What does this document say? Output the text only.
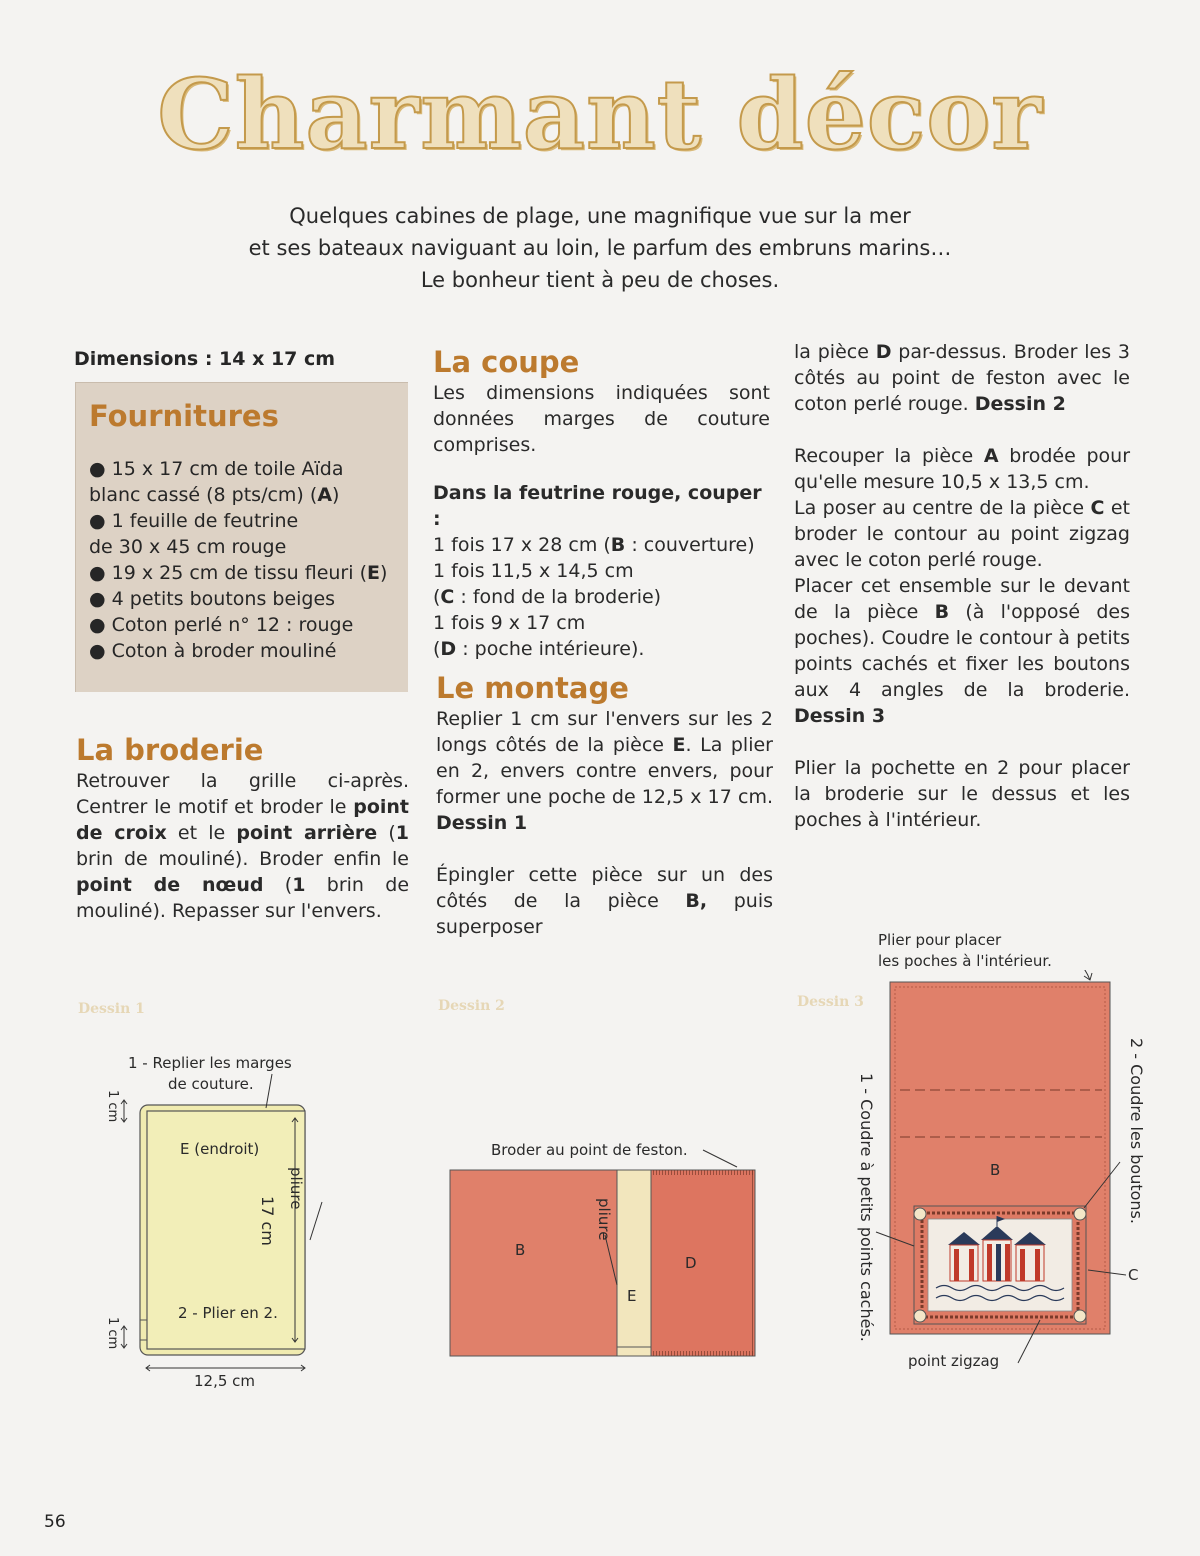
Charmant décor
Quelques cabines de plage, une magnifique vue sur la mer
et ses bateaux naviguant au loin, le parfum des embruns marins…
Le bonheur tient à peu de choses.
Dimensions : 14 x 17 cm
Fournitures
● 15 x 17 cm de toile Aïda
blanc cassé (8 pts/cm) (A)
● 1 feuille de feutrine
de 30 x 45 cm rouge
● 19 x 25 cm de tissu fleuri (E)
● 4 petits boutons beiges
● Coton perlé n° 12 : rouge
● Coton à broder mouliné
La broderie

Retrouver la grille ci-après. Centrer le motif et broder le point de croix et le point arrière (1 brin de mouliné). Broder enfin le point de nœud (1 brin de mouliné). Repasser sur l'envers.

La coupe

Les dimensions indiquées sont données marges de couture comprises.

Dans la feutrine rouge, couper :

1 fois 17 x 28 cm (B : couverture)

1 fois 11,5 x 14,5 cm

(C : fond de la broderie)

1 fois 9 x 17 cm

(D : poche intérieure).

Le montage

Replier 1 cm sur l'envers sur les 2 longs côtés de la pièce E. La plier en 2, envers contre envers, pour former une poche de 12,5 x 17 cm. Dessin 1

Épingler cette pièce sur un des côtés de la pièce B, puis superposer

la pièce D par-dessus. Broder les 3 côtés au point de feston avec le coton perlé rouge. Dessin 2

Recouper la pièce A brodée pour qu'elle mesure 10,5 x 13,5 cm.

La poser au centre de la pièce C et broder le contour au point zigzag avec le coton perlé rouge.

Placer cet ensemble sur le devant de la pièce B (à l'opposé des poches). Coudre le contour à petits points cachés et fixer les boutons aux 4 angles de la broderie. Dessin 3

Plier la pochette en 2 pour placer la broderie sur le dessus et les poches à l'intérieur.

Dessin 1
1 - Replier les marges
de couture.
E (endroit)
2 - Plier en 2.
12,5 cm
pliure
17 cm
1 cm
1 cm
Dessin 2
Broder au point de feston.
B
D
E
pliure
Dessin 3
Plier pour placer
les poches à l'intérieur.
B
C
point zigzag
1 - Coudre à petits points cachés.	2 - Coudre les boutons.
56
